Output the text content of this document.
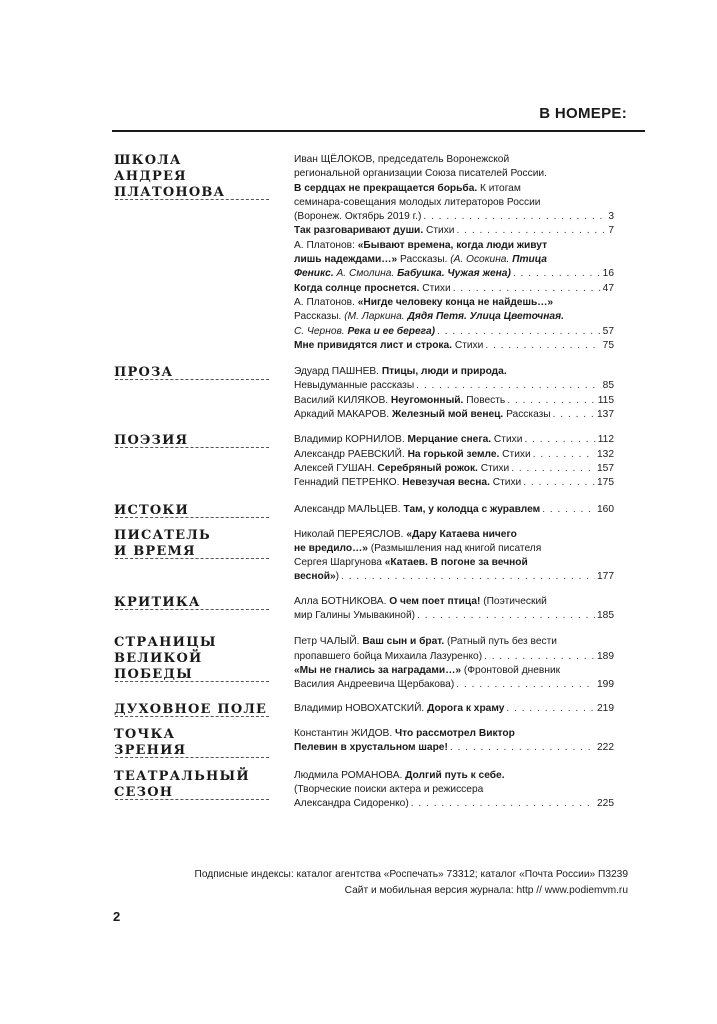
В НОМЕРЕ:
ШКОЛА
АНДРЕЯ
ПЛАТОНОВА
Иван ЩЁЛОКОВ, председатель Воронежской
региональной организации Союза писателей России.
В сердцах не прекращается борьба. К итогам
семинара-совещания молодых литераторов России
(Воронеж. Октябрь 2019 г.) . . .	3
Так разговаривают души. Стихи . . .	7
А. Платонов: «Бывают времена, когда люди живут
лишь надеждами…» Рассказы. (А. Осокина. Птица
Феникс. А. Смолина. Бабушка. Чужая жена) . . .	16
Когда солнце проснется. Стихи . . .	47
А. Платонов. «Нигде человеку конца не найдешь…»
Рассказы. (М. Ларкина. Дядя Петя. Улица Цветочная.
С. Чернов. Река и ее берега) . . .	57
Мне привидятся лист и строка. Стихи . . .	75
ПРОЗА	Эдуард ПАШНЕВ. Птицы, люди и природа.
Невыдуманные рассказы . . .	85
Василий КИЛЯКОВ. Неугомонный. Повесть . . .	115
Аркадий МАКАРОВ. Железный мой венец. Рассказы . . .	137
ПОЭЗИЯ	Владимир КОРНИЛОВ. Мерцание снега. Стихи . . .	112
Александр РАЕВСКИЙ. На горькой земле. Стихи . . .	132
Алексей ГУШАН. Серебряный рожок. Стихи . . .	157
Геннадий ПЕТРЕНКО. Невезучая весна. Стихи . . .	175
ИСТОКИ	Александр МАЛЬЦЕВ. Там, у колодца с журавлем . . .	160
ПИСАТЕЛЬ
И ВРЕМЯ
Николай ПЕРЕЯСЛОВ. «Дару Катаева ничего
не вредило…» (Размышления над книгой писателя
Сергея Шаргунова «Катаев. В погоне за вечной
весной») . . .	177
КРИТИКА	Алла БОТНИКОВА. О чем поет птица! (Поэтический
мир Галины Умывакиной) . . .	185
СТРАНИЦЫ
ВЕЛИКОЙ
ПОБЕДЫ
Петр ЧАЛЫЙ. Ваш сын и брат. (Ратный путь без вести
пропавшего бойца Михаила Лазуренко) . . .	189
«Мы не гнались за наградами…» (Фронтовой дневник
Василия Андреевича Щербакова) . . .	199
ДУХОВНОЕ ПОЛЕ	Владимир НОВОХАТСКИЙ. Дорога к храму . . .	219
ТОЧКА
ЗРЕНИЯ
Константин ЖИДОВ. Что рассмотрел Виктор
Пелевин в хрустальном шаре! . . .	222
ТЕАТРАЛЬНЫЙ
СЕЗОН
Людмила РОМАНОВА. Долгий путь к себе.
(Творческие поиски актера и режиссера
Александра Сидоренко) . . .	225
Подписные индексы: каталог агентства «Роспечать» 73312; каталог «Почта России» П3239
Сайт и мобильная версия журнала: http // www.podiemvm.ru
2
